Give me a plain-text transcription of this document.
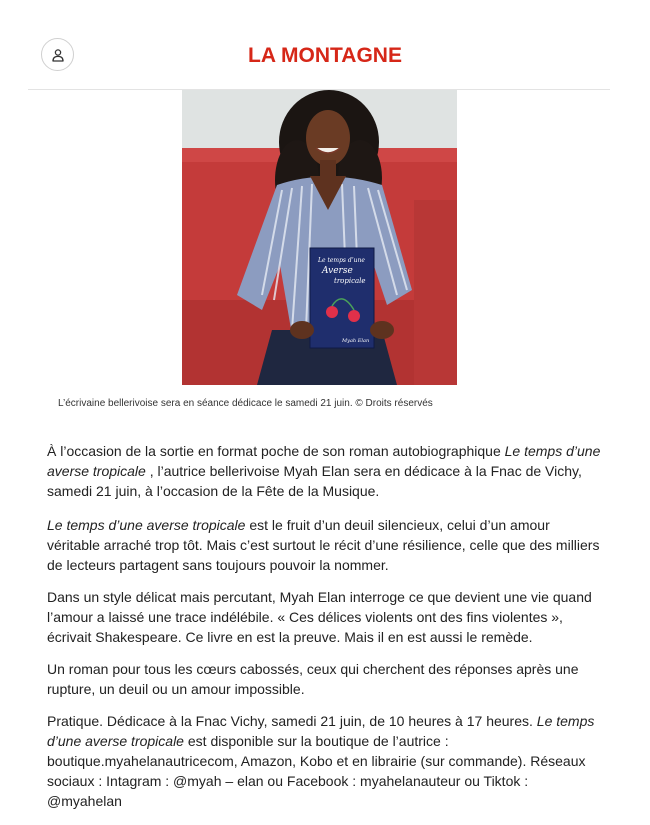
LA MONTAGNE
Le temps d’une
Averse
tropicale
Myah Elan
L’écrivaine bellerivoise sera en séance dédicace le samedi 21 juin. © Droits réservés

À l’occasion de la sortie en format poche de son roman autobiographique Le temps d’une averse tropicale , l’autrice bellerivoise Myah Elan sera en dédicace à la Fnac de Vichy, samedi 21 juin, à l’occasion de la Fête de la Musique.

Le temps d’une averse tropicale est le fruit d’un deuil silencieux, celui d’un amour véritable arraché trop tôt. Mais c’est surtout le récit d’une résilience, celle que des milliers de lecteurs partagent sans toujours pouvoir la nommer.

Dans un style délicat mais percutant, Myah Elan interroge ce que devient une vie quand l’amour a laissé une trace indélébile. « Ces délices violents ont des fins violentes », écrivait Shakespeare. Ce livre en est la preuve. Mais il en est aussi le remède.

Un roman pour tous les cœurs cabossés, ceux qui cherchent des réponses après une rupture, un deuil ou un amour impossible.

Pratique. Dédicace à la Fnac Vichy, samedi 21 juin, de 10 heures à 17 heures. Le temps d’une averse tropicale est disponible sur la boutique de l’autrice : boutique.myahelanautricecom, Amazon, Kobo et en librairie (sur commande). Réseaux sociaux : Intagram : @myah – elan ou Facebook : myahelanauteur ou Tiktok : @myahelan
